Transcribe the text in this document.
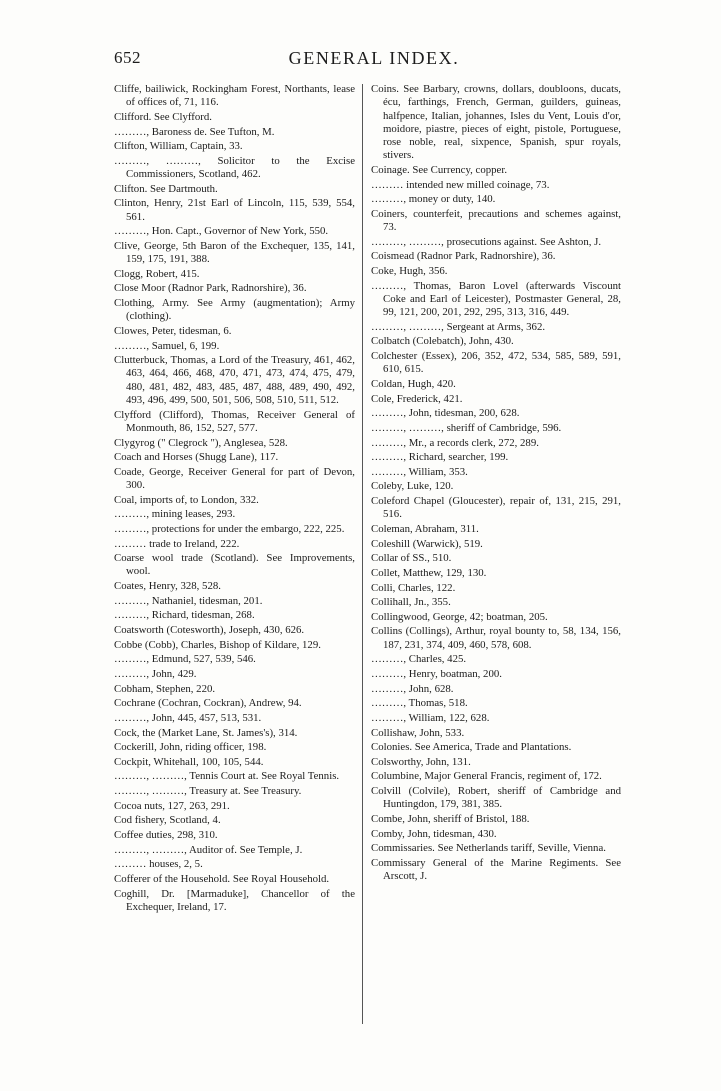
652	GENERAL INDEX.

Cliffe, bailiwick, Rockingham Forest, Northants, lease of offices of, 71, 116.

Clifford. See Clyfford.

………, Baroness de. See Tufton, M.

Clifton, William, Captain, 33.

………, ………, Solicitor to the Excise Commissioners, Scotland, 462.

Clifton. See Dartmouth.

Clinton, Henry, 21st Earl of Lincoln, 115, 539, 554, 561.

………, Hon. Capt., Governor of New York, 550.

Clive, George, 5th Baron of the Exchequer, 135, 141, 159, 175, 191, 388.

Clogg, Robert, 415.

Close Moor (Radnor Park, Radnorshire), 36.

Clothing, Army. See Army (augmentation); Army (clothing).

Clowes, Peter, tidesman, 6.

………, Samuel, 6, 199.

Clutterbuck, Thomas, a Lord of the Treasury, 461, 462, 463, 464, 466, 468, 470, 471, 473, 474, 475, 479, 480, 481, 482, 483, 485, 487, 488, 489, 490, 492, 493, 496, 499, 500, 501, 506, 508, 510, 511, 512.

Clyfford (Clifford), Thomas, Receiver General of Monmouth, 86, 152, 527, 577.

Clygyrog (" Clegrock "), Anglesea, 528.

Coach and Horses (Shugg Lane), 117.

Coade, George, Receiver General for part of Devon, 300.

Coal, imports of, to London, 332.

………, mining leases, 293.

………, protections for under the embargo, 222, 225.

……… trade to Ireland, 222.

Coarse wool trade (Scotland). See Improvements, wool.

Coates, Henry, 328, 528.

………, Nathaniel, tidesman, 201.

………, Richard, tidesman, 268.

Coatsworth (Cotesworth), Joseph, 430, 626.

Cobbe (Cobb), Charles, Bishop of Kildare, 129.

………, Edmund, 527, 539, 546.

………, John, 429.

Cobham, Stephen, 220.

Cochrane (Cochran, Cockran), Andrew, 94.

………, John, 445, 457, 513, 531.

Cock, the (Market Lane, St. James's), 314.

Cockerill, John, riding officer, 198.

Cockpit, Whitehall, 100, 105, 544.

………, ………, Tennis Court at. See Royal Tennis.

………, ………, Treasury at. See Treasury.

Cocoa nuts, 127, 263, 291.

Cod fishery, Scotland, 4.

Coffee duties, 298, 310.

………, ………, Auditor of. See Temple, J.

……… houses, 2, 5.

Cofferer of the Household. See Royal Household.

Coghill, Dr. [Marmaduke], Chancellor of the Exchequer, Ireland, 17.

Coins. See Barbary, crowns, dollars, doubloons, ducats, écu, farthings, French, German, guilders, guineas, halfpence, Italian, johannes, Isles du Vent, Louis d'or, moidore, piastre, pieces of eight, pistole, Portuguese, rose noble, real, sixpence, Spanish, spur royals, stivers.

Coinage. See Currency, copper.

……… intended new milled coinage, 73.

………, money or duty, 140.

Coiners, counterfeit, precautions and schemes against, 73.

………, ………, prosecutions against. See Ashton, J.

Coismead (Radnor Park, Radnorshire), 36.

Coke, Hugh, 356.

………, Thomas, Baron Lovel (afterwards Viscount Coke and Earl of Leicester), Postmaster General, 28, 99, 121, 200, 201, 292, 295, 313, 316, 449.

………, ………, Sergeant at Arms, 362.

Colbatch (Colebatch), John, 430.

Colchester (Essex), 206, 352, 472, 534, 585, 589, 591, 610, 615.

Coldan, Hugh, 420.

Cole, Frederick, 421.

………, John, tidesman, 200, 628.

………, ………, sheriff of Cambridge, 596.

………, Mr., a records clerk, 272, 289.

………, Richard, searcher, 199.

………, William, 353.

Coleby, Luke, 120.

Coleford Chapel (Gloucester), repair of, 131, 215, 291, 516.

Coleman, Abraham, 311.

Coleshill (Warwick), 519.

Collar of SS., 510.

Collet, Matthew, 129, 130.

Colli, Charles, 122.

Collihall, Jn., 355.

Collingwood, George, 42; boatman, 205.

Collins (Collings), Arthur, royal bounty to, 58, 134, 156, 187, 231, 374, 409, 460, 578, 608.

………, Charles, 425.

………, Henry, boatman, 200.

………, John, 628.

………, Thomas, 518.

………, William, 122, 628.

Collishaw, John, 533.

Colonies. See America, Trade and Plantations.

Colsworthy, John, 131.

Columbine, Major General Francis, regiment of, 172.

Colvill (Colvile), Robert, sheriff of Cambridge and Huntingdon, 179, 381, 385.

Combe, John, sheriff of Bristol, 188.

Comby, John, tidesman, 430.

Commissaries. See Netherlands tariff, Seville, Vienna.

Commissary General of the Marine Regiments. See Arscott, J.
